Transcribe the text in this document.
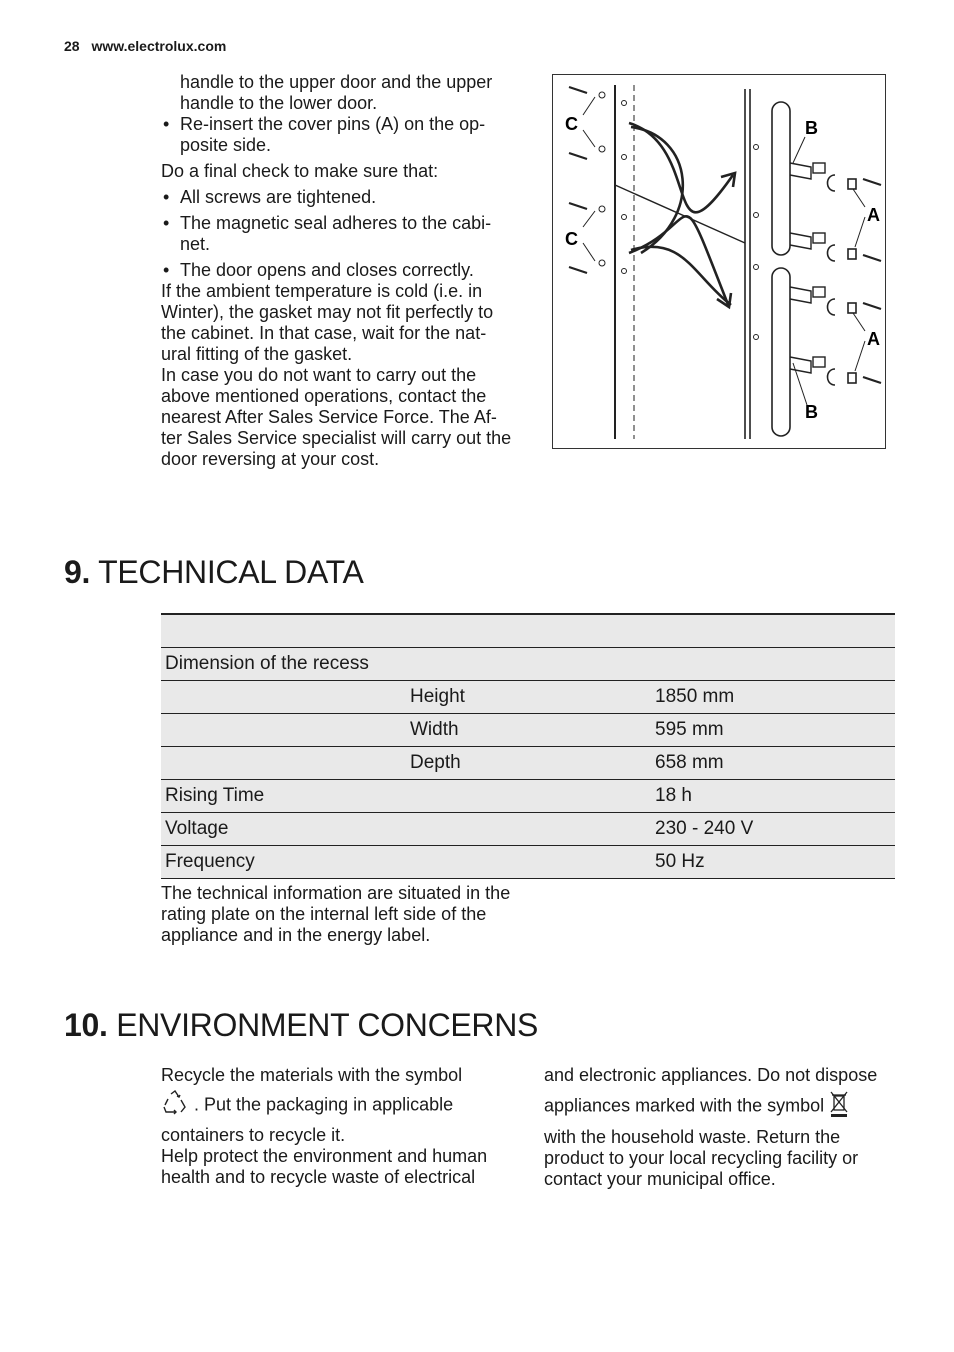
28 www.electrolux.com

handle to the upper door and the upper handle to the lower door.

• Re-insert the cover pins (A) on the op-
posite side.

Do a final check to make sure that:

• All screws are tightened.
• The magnetic seal adheres to the cabi-
net.
• The door opens and closes correctly.

If the ambient temperature is cold (i.e. in Winter), the gasket may not fit perfectly to the cabinet. In that case, wait for the nat- ural fitting of the gasket.

In case you do not want to carry out the above mentioned operations, contact the nearest After Sales Service Force. The Af- ter Sales Service specialist will carry out the door reversing at your cost.

C
C
B
B
A
A
9. TECHNICAL DATA

Dimension of the recess		
	Height	1850 mm
	Width	595 mm
	Depth	658 mm
Rising Time		18 h
Voltage		230 - 240 V
Frequency		50 Hz

The technical information are situated in the rating plate on the internal left side of the appliance and in the energy label.

10. ENVIRONMENT CONCERNS

Recycle the materials with the symbol

. Put the packaging in applicable

containers to recycle it.

Help protect the environment and human health and to recycle waste of electrical

and electronic appliances. Do not dispose

appliances marked with the symbol

with the household waste. Return the product to your local recycling facility or contact your municipal office.
